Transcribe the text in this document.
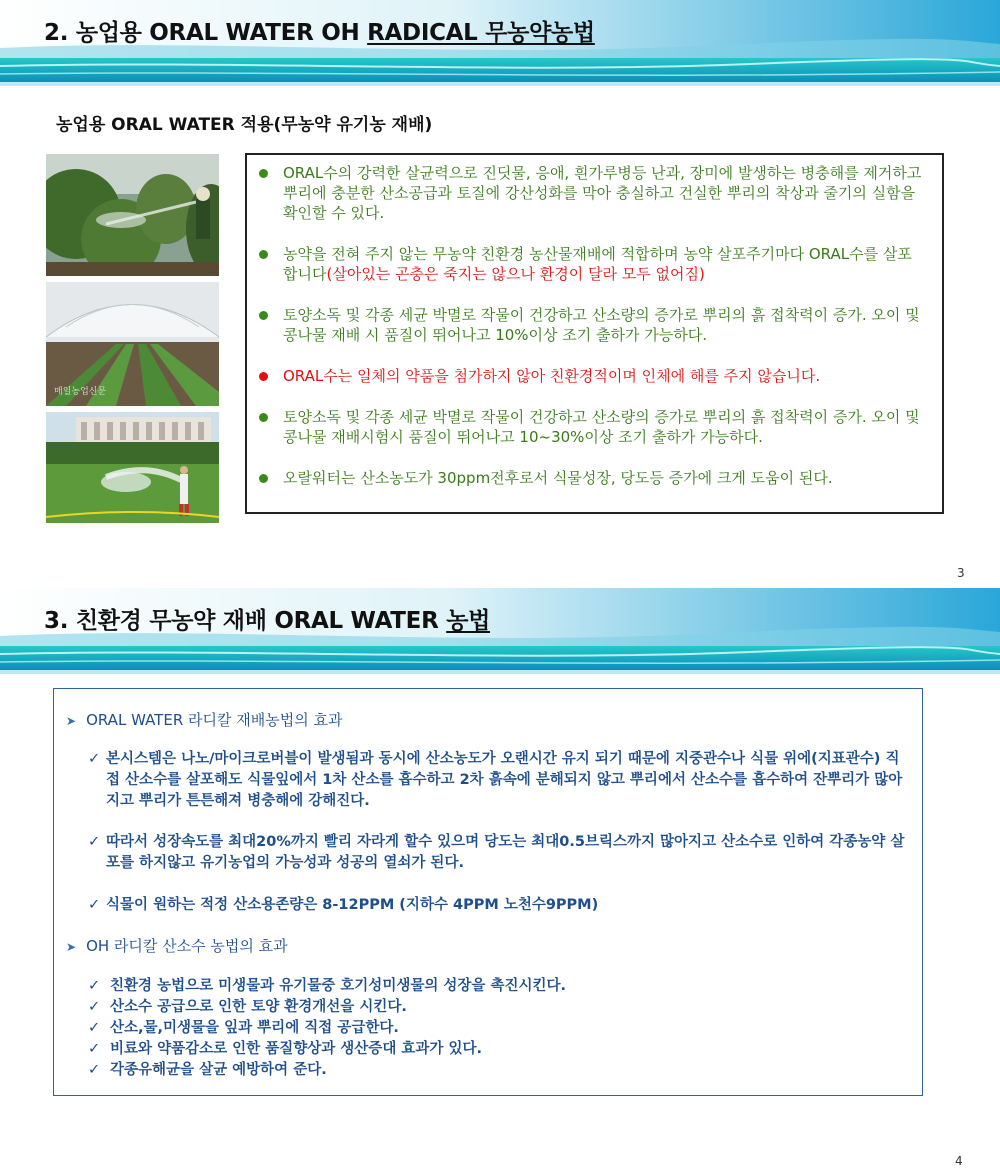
2. 농업용 ORAL WATER OH RADICAL 무농약농법
농업용 ORAL WATER 적용(무농약 유기농 재배)
매일농업신문
ORAL수의 강력한 살균력으로 진딧물, 응애, 흰가루병등 난과, 장미에 발생하는 병충해를 제거하고 뿌리에 충분한 산소공급과 토질에 강산성화를 막아 충실하고 건실한 뿌리의 착상과 줄기의 실함을 확인할 수 있다.
농약을 전혀 주지 않는 무농약 친환경 농산물재배에 적합하며 농약 살포주기마다 ORAL수를 살포합니다(살아있는 곤충은 죽지는 않으나 환경이 달라 모두 없어짐)
토양소독 및 각종 세균 박멸로 작물이 건강하고 산소량의 증가로 뿌리의 흙 접착력이 증가. 오이 및 콩나물 재배 시 품질이 뛰어나고 10%이상 조기 출하가 가능하다.
ORAL수는 일체의 약품을 첨가하지 않아 친환경적이며 인체에 해를 주지 않습니다.
토양소독 및 각종 세균 박멸로 작물이 건강하고 산소량의 증가로 뿌리의 흙 접착력이 증가. 오이 및 콩나물 재배시험시 품질이 뛰어나고 10~30%이상 조기 출하가 가능하다.
오랄워터는 산소농도가 30ppm전후로서 식물성장, 당도등 증가에 크게 도움이 된다.
3
3. 친환경 무농약 재배 ORAL WATER 농법
➤ ORAL WATER 라디칼 재배농법의 효과
✓ 본시스템은 나노/마이크로버블이 발생됨과 동시에 산소농도가 오랜시간 유지 되기 때문에 지중관수나 식물 위에(지표관수) 직접 산소수를 살포해도 식물잎에서 1차 산소를 흡수하고 2차 흙속에 분해되지 않고 뿌리에서 산소수를 흡수하여 잔뿌리가 많아지고 뿌리가 튼튼해져 병충해에 강해진다.
✓ 따라서 성장속도를 최대20%까지 빨리 자라게 할수 있으며 당도는 최대0.5브릭스까지 많아지고 산소수로 인하여 각종농약 살포를 하지않고 유기농업의 가능성과 성공의 열쇠가 된다.
✓ 식물이 원하는 적정 산소용존량은 8-12PPM (지하수 4PPM 노천수9PPM)
➤ OH 라디칼 산소수 농법의 효과
✓ 친환경 농법으로 미생물과 유기물중 호기성미생물의 성장을 촉진시킨다.
✓ 산소수 공급으로 인한 토양 환경개선을 시킨다.
✓ 산소,물,미생물을 잎과 뿌리에 직접 공급한다.
✓ 비료와 약품감소로 인한 품질향상과 생산증대 효과가 있다.
✓ 각종유해균을 살균 예방하여 준다.
4
